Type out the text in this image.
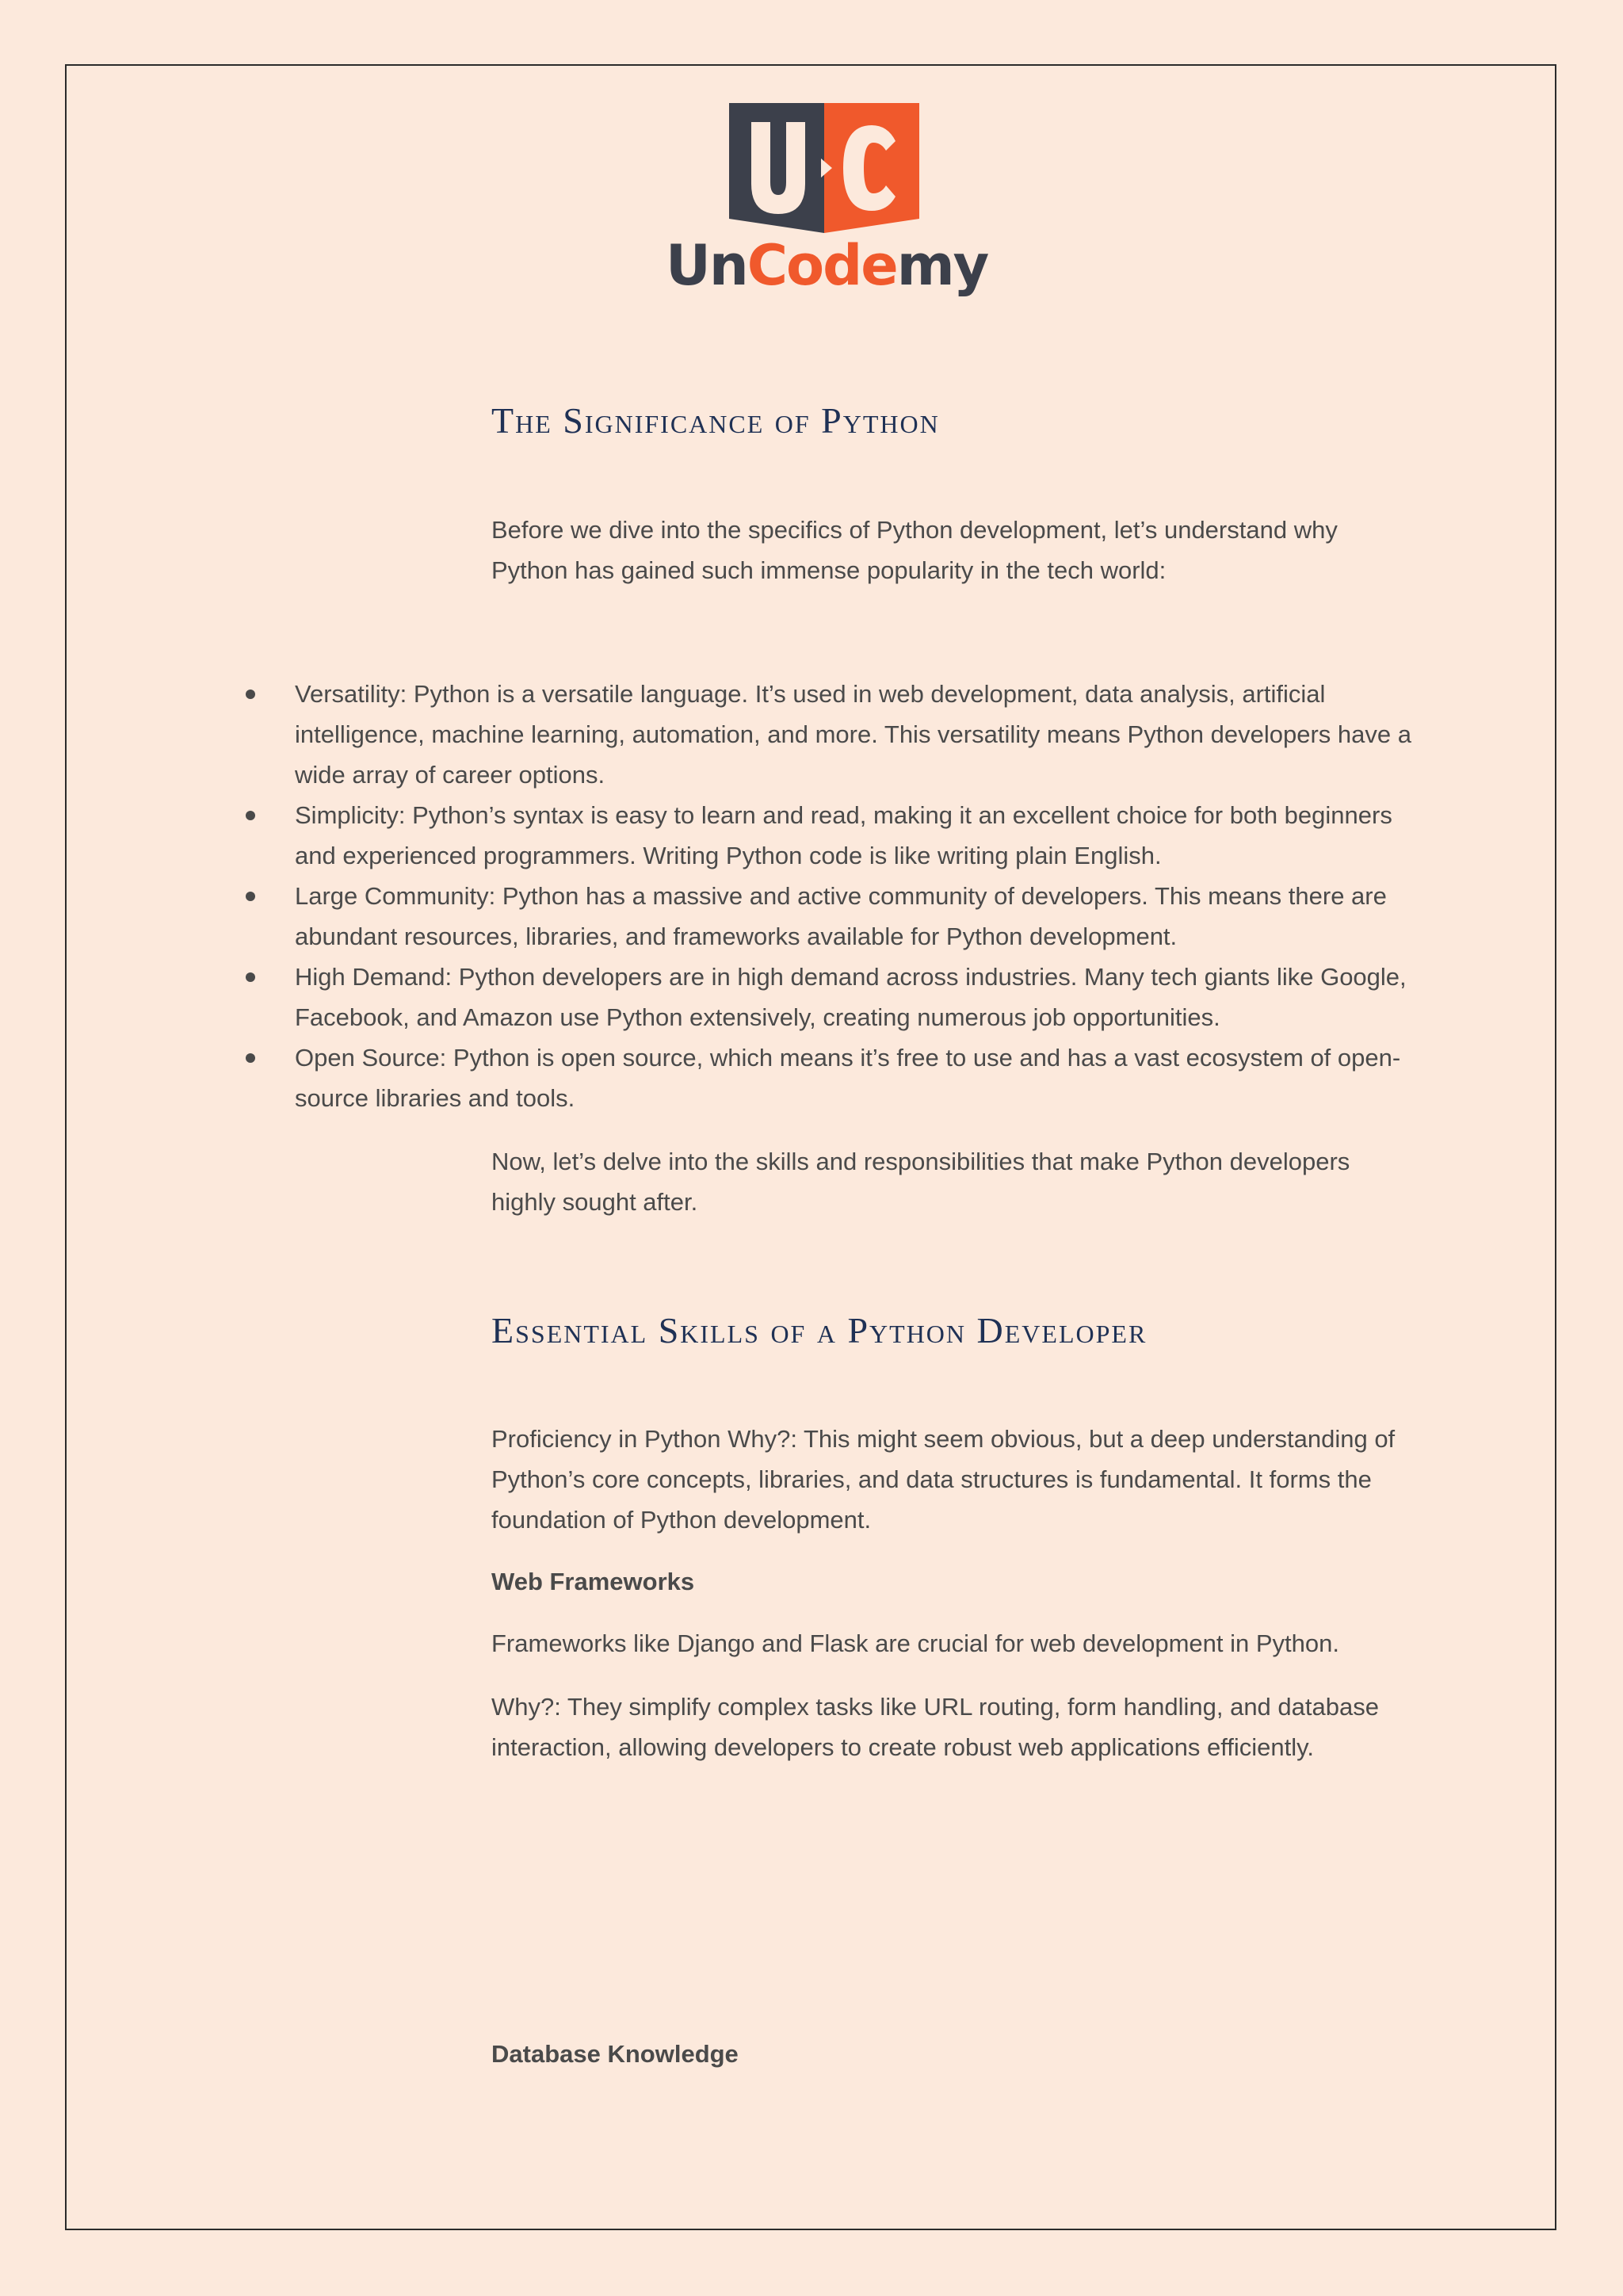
UnCodemy
The Significance of Python

Before we dive into the specifics of Python development, let’s understand why Python has gained such immense popularity in the tech world:

Versatility: Python is a versatile language. It’s used in web development, data analysis, artificial intelligence, machine learning, automation, and more. This versatility means Python developers have a wide array of career options.
Simplicity: Python’s syntax is easy to learn and read, making it an excellent choice for both beginners and experienced programmers. Writing Python code is like writing plain English.
Large Community: Python has a massive and active community of developers. This means there are abundant resources, libraries, and frameworks available for Python development.
High Demand: Python developers are in high demand across industries. Many tech giants like Google, Facebook, and Amazon use Python extensively, creating numerous job opportunities.
Open Source: Python is open source, which means it’s free to use and has a vast ecosystem of open-source libraries and tools.

Now, let’s delve into the skills and responsibilities that make Python developers highly sought after.

Essential Skills of a Python Developer

Proficiency in Python Why?: This might seem obvious, but a deep understanding of Python’s core concepts, libraries, and data structures is fundamental. It forms the foundation of Python development.

Web Frameworks

Frameworks like Django and Flask are crucial for web development in Python.

Why?: They simplify complex tasks like URL routing, form handling, and database interaction, allowing developers to create robust web applications efficiently.

Database Knowledge
